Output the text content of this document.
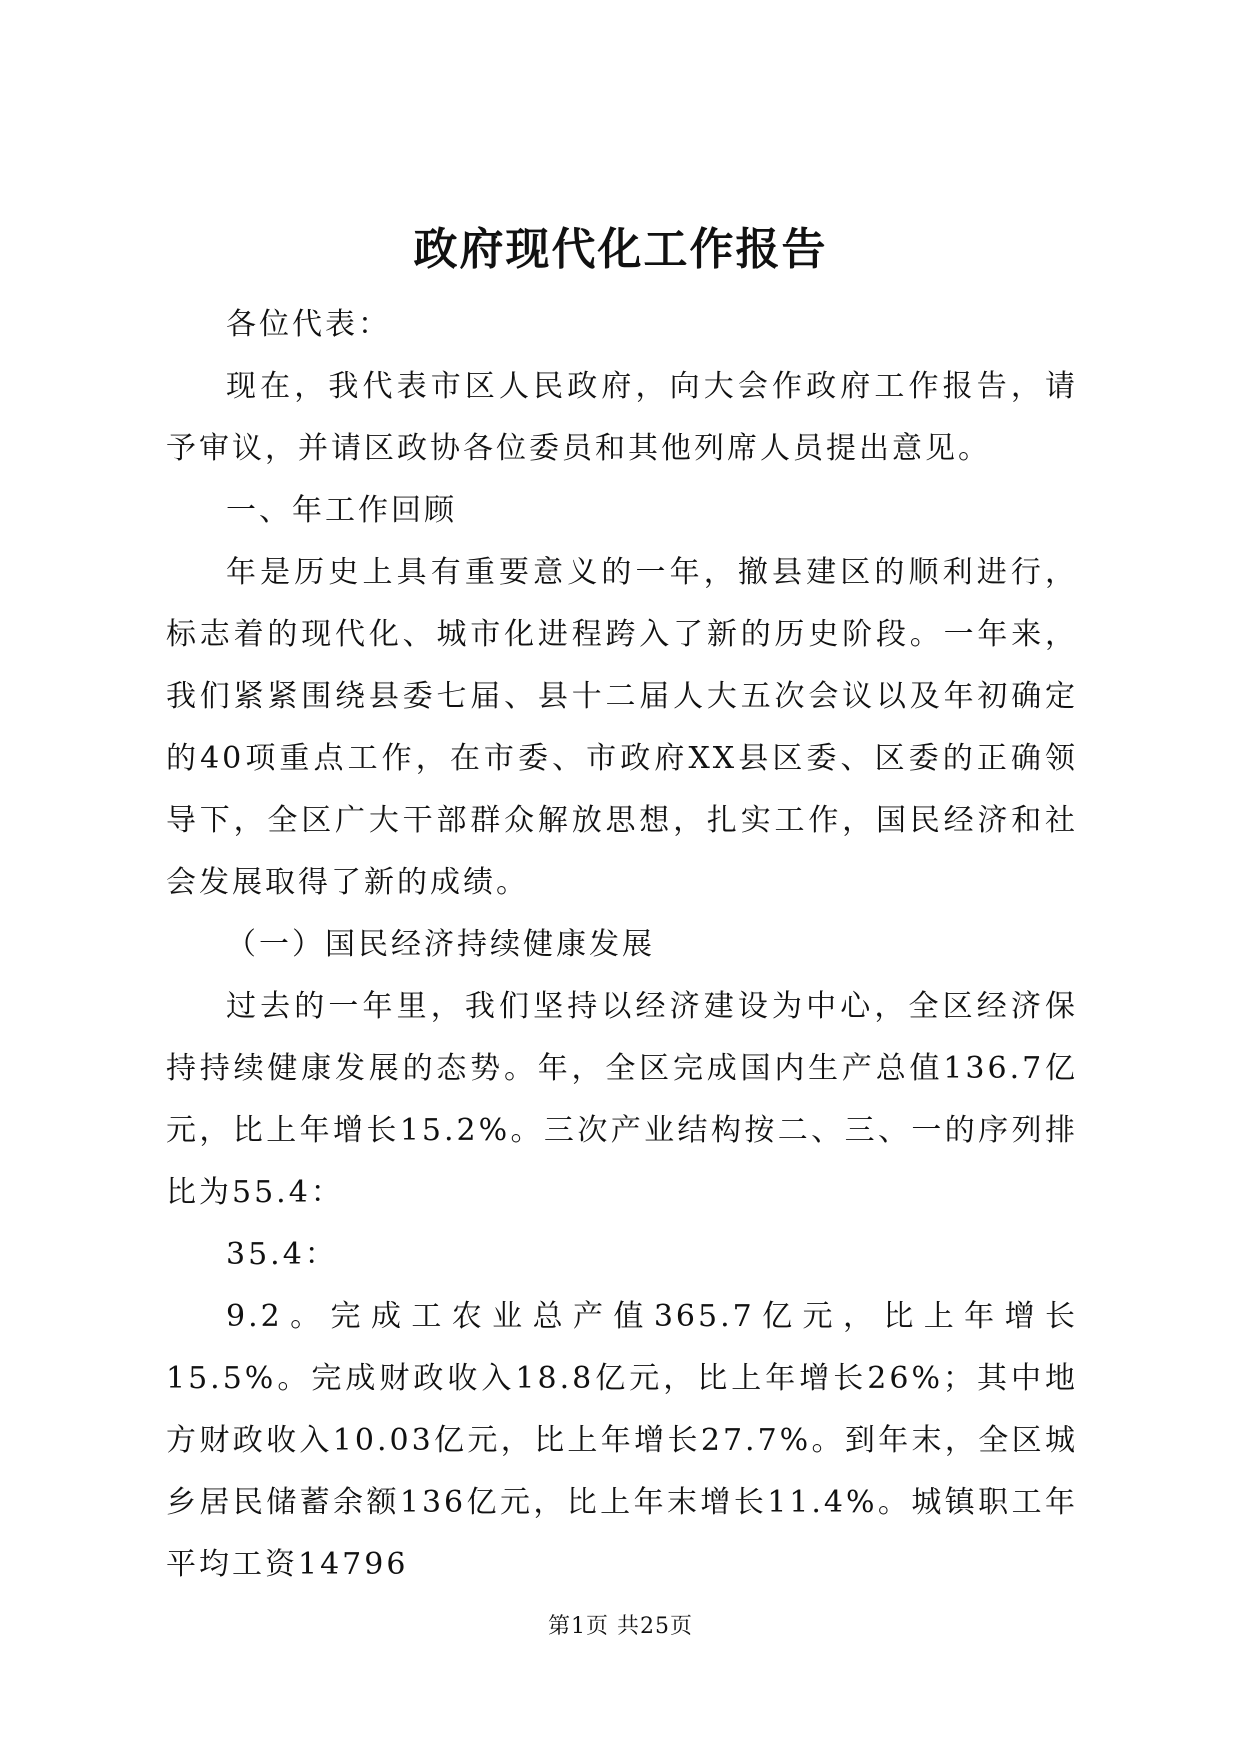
政府现代化工作报告

各位代表：

现在，我代表市区人民政府，向大会作政府工作报告，请予审议，并请区政协各位委员和其他列席人员提出意见。

一、年工作回顾

年是历史上具有重要意义的一年，撤县建区的顺利进行，标志着的现代化、城市化进程跨入了新的历史阶段。一年来，我们紧紧围绕县委七届、县十二届人大五次会议以及年初确定的40项重点工作，在市委、市政府XX县区委、区委的正确领导下，全区广大干部群众解放思想，扎实工作，国民经济和社会发展取得了新的成绩。

（一）国民经济持续健康发展

过去的一年里，我们坚持以经济建设为中心，全区经济保持持续健康发展的态势。年，全区完成国内生产总值136.7亿元，比上年增长15.2%。三次产业结构按二、三、一的序列排比为55.4：

35.4：

9.2。完成工农业总产值365.7亿元，比上年增长15.5%。完成财政收入18.8亿元，比上年增长26%；其中地方财政收入10.03亿元，比上年增长27.7%。到年末，全区城乡居民储蓄余额136亿元，比上年末增长11.4%。城镇职工年平均工资14796

第1页 共25页
